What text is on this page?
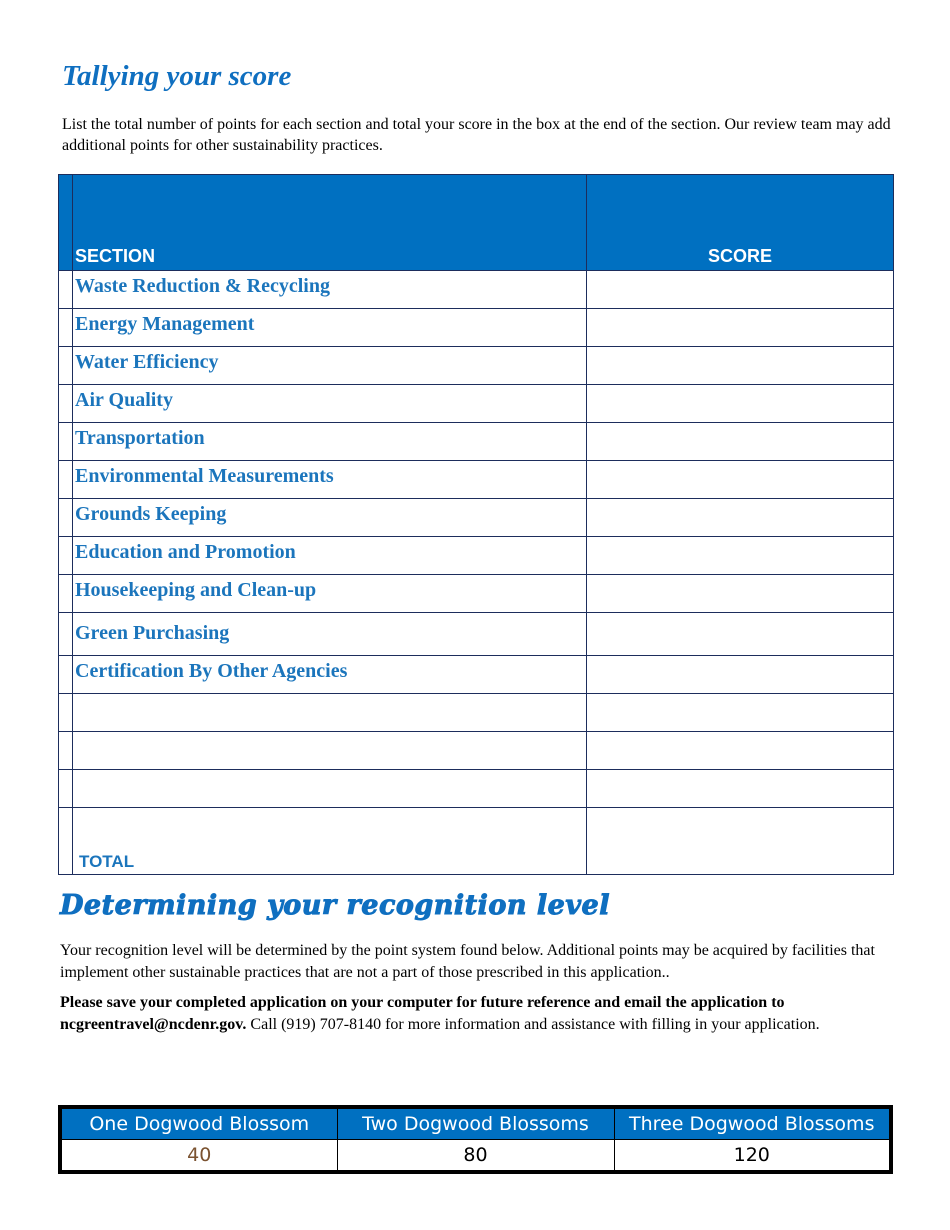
Tallying your score

List the total number of points for each section and total your score in the box at the end of the section. Our review team may add additional points for other sustainability practices.

	SECTION	SCORE

	Waste Reduction & Recycling	

	Energy Management	

	Water Efficiency	

	Air Quality	

	Transportation	

	Environmental Measurements	

	Grounds Keeping	

	Education and Promotion	

	Housekeeping and Clean-up	

	Green Purchasing	

	Certification By Other Agencies	

	TOTAL	

Determining your recognition level

Your recognition level will be determined by the point system found below. Additional points may be acquired by facilities that implement other sustainable practices that are not a part of those prescribed in this application..

Please save your completed application on your computer for future reference and email the application to ncgreentravel@ncdenr.gov. Call (919) 707-8140 for more information and assistance with filling in your application.

One Dogwood Blossom	Two Dogwood Blossoms	Three Dogwood Blossoms
40	80	120
